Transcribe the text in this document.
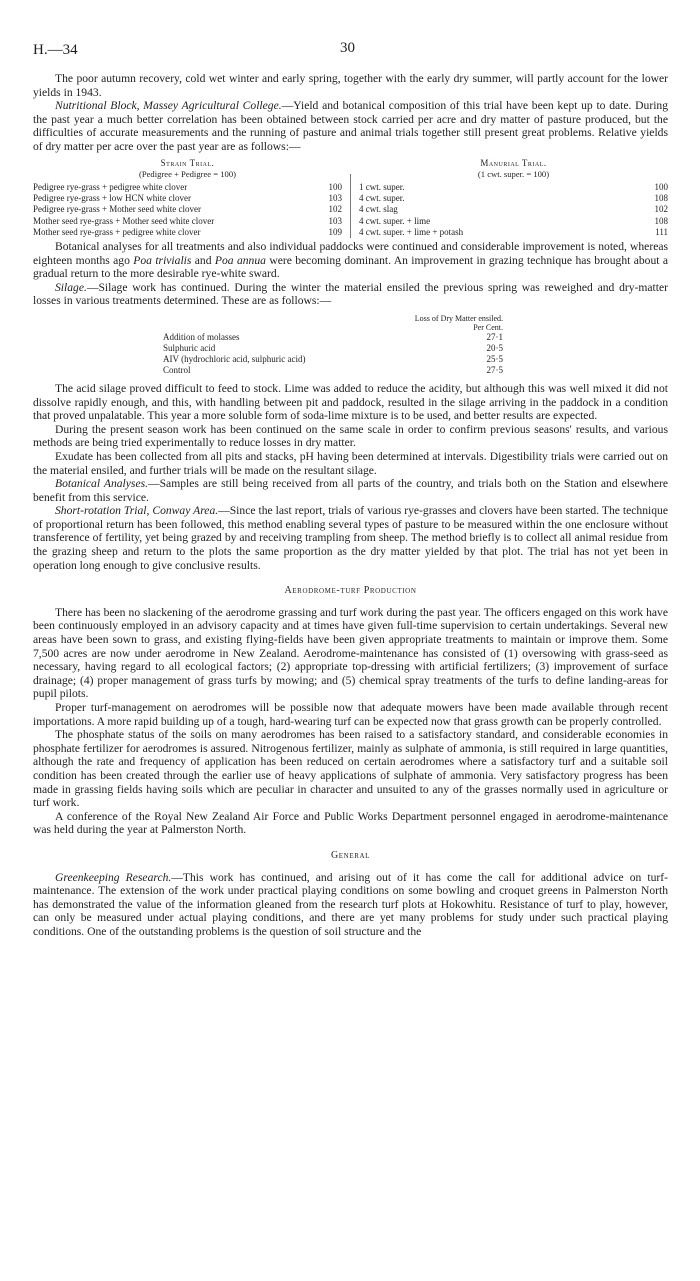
H.—34	30

The poor autumn recovery, cold wet winter and early spring, together with the early dry summer, will partly account for the lower yields in 1943.

Nutritional Block, Massey Agricultural College.—Yield and botanical composition of this trial have been kept up to date. During the past year a much better correlation has been obtained between stock carried per acre and dry matter of pasture produced, but the difficulties of accurate measurements and the running of pasture and animal trials together still present great problems. Relative yields of dry matter per acre over the past year are as follows:—

Strain Trial.
(Pedigree + Pedigree = 100)
Pedigree rye-grass + pedigree white clover	100
Pedigree rye-grass + low HCN white clover	103
Pedigree rye-grass + Mother seed white clover	102
Mother seed rye-grass + Mother seed white clover	103
Mother seed rye-grass + pedigree white clover	109
Manurial Trial.
(1 cwt. super. = 100)
1 cwt. super.	100
4 cwt. super.	108
4 cwt. slag	102
4 cwt. super. + lime	108
4 cwt. super. + lime + potash	111

Botanical analyses for all treatments and also individual paddocks were continued and considerable improvement is noted, whereas eighteen months ago Poa trivialis and Poa annua were becoming dominant. An improvement in grazing technique has brought about a gradual return to the more desirable rye-white sward.

Silage.—Silage work has continued. During the winter the material ensiled the previous spring was reweighed and dry-matter losses in various treatments determined. These are as follows:—

Loss of Dry Matter ensiled.
Per Cent.
Addition of molasses	27·1
Sulphuric acid	20·5
AIV (hydrochloric acid, sulphuric acid)	25·5
Control	27·5

The acid silage proved difficult to feed to stock. Lime was added to reduce the acidity, but although this was well mixed it did not dissolve rapidly enough, and this, with handling between pit and paddock, resulted in the silage arriving in the paddock in a condition that proved unpalatable. This year a more soluble form of soda-lime mixture is to be used, and better results are expected.

During the present season work has been continued on the same scale in order to confirm previous seasons' results, and various methods are being tried experimentally to reduce losses in dry matter.

Exudate has been collected from all pits and stacks, pH having been determined at intervals. Digestibility trials were carried out on the material ensiled, and further trials will be made on the resultant silage.

Botanical Analyses.—Samples are still being received from all parts of the country, and trials both on the Station and elsewhere benefit from this service.

Short-rotation Trial, Conway Area.—Since the last report, trials of various rye-grasses and clovers have been started. The technique of proportional return has been followed, this method enabling several types of pasture to be measured within the one enclosure without transference of fertility, yet being grazed by and receiving trampling from sheep. The method briefly is to collect all animal residue from the grazing sheep and return to the plots the same proportion as the dry matter yielded by that plot. The trial has not yet been in operation long enough to give conclusive results.

Aerodrome-turf Production

There has been no slackening of the aerodrome grassing and turf work during the past year. The officers engaged on this work have been continuously employed in an advisory capacity and at times have given full-time supervision to certain undertakings. Several new areas have been sown to grass, and existing flying-fields have been given appropriate treatments to maintain or improve them. Some 7,500 acres are now under aerodrome in New Zealand. Aerodrome-maintenance has consisted of (1) oversowing with grass-seed as necessary, having regard to all ecological factors; (2) appropriate top-dressing with artificial fertilizers; (3) improvement of surface drainage; (4) proper management of grass turfs by mowing; and (5) chemical spray treatments of the turfs to define landing-areas for pupil pilots.

Proper turf-management on aerodromes will be possible now that adequate mowers have been made available through recent importations. A more rapid building up of a tough, hard-wearing turf can be expected now that grass growth can be properly controlled.

The phosphate status of the soils on many aerodromes has been raised to a satisfactory standard, and considerable economies in phosphate fertilizer for aerodromes is assured. Nitrogenous fertilizer, mainly as sulphate of ammonia, is still required in large quantities, although the rate and frequency of application has been reduced on certain aerodromes where a satisfactory turf and a suitable soil condition has been created through the earlier use of heavy applications of sulphate of ammonia. Very satisfactory progress has been made in grassing fields having soils which are peculiar in character and unsuited to any of the grasses normally used in agriculture or turf work.

A conference of the Royal New Zealand Air Force and Public Works Department personnel engaged in aerodrome-maintenance was held during the year at Palmerston North.

General

Greenkeeping Research.—This work has continued, and arising out of it has come the call for additional advice on turf-maintenance. The extension of the work under practical playing conditions on some bowling and croquet greens in Palmerston North has demonstrated the value of the information gleaned from the research turf plots at Hokowhitu. Resistance of turf to play, however, can only be measured under actual playing conditions, and there are yet many problems for study under such practical playing conditions. One of the outstanding problems is the question of soil structure and the
